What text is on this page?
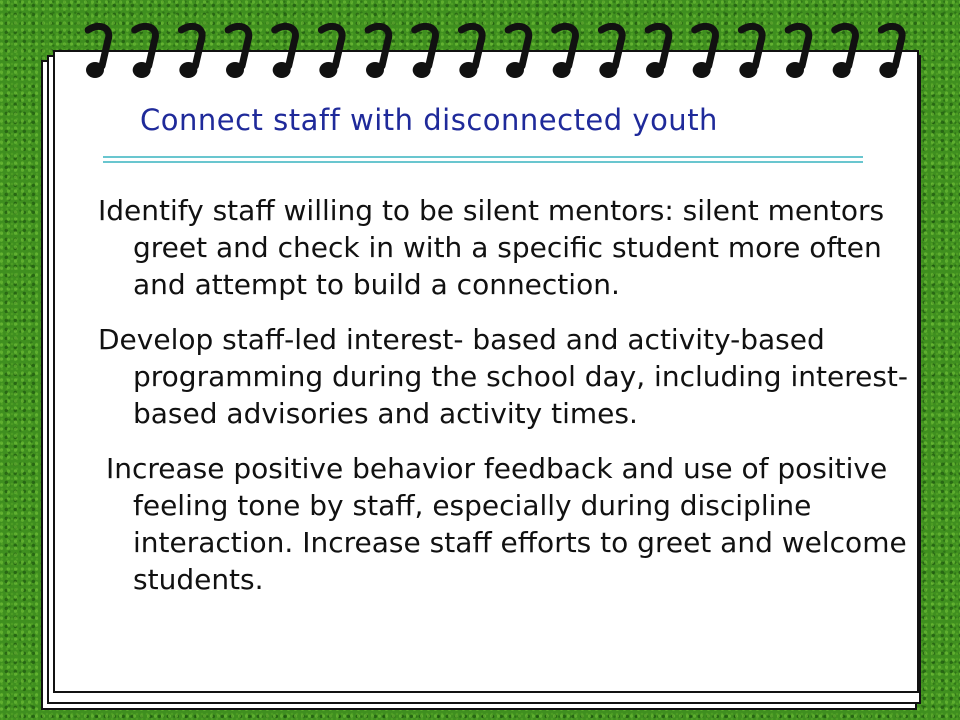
Connect staff with disconnected youth

Identify staff willing to be silent mentors: silent mentors greet and check in with a specific student more often and attempt to build a connection.

Develop staff-led interest- based and activity-based programming during the school day, including interest-based advisories and activity times.

Increase positive behavior feedback and use of positive feeling tone by staff, especially during discipline interaction. Increase staff efforts to greet and welcome students.
